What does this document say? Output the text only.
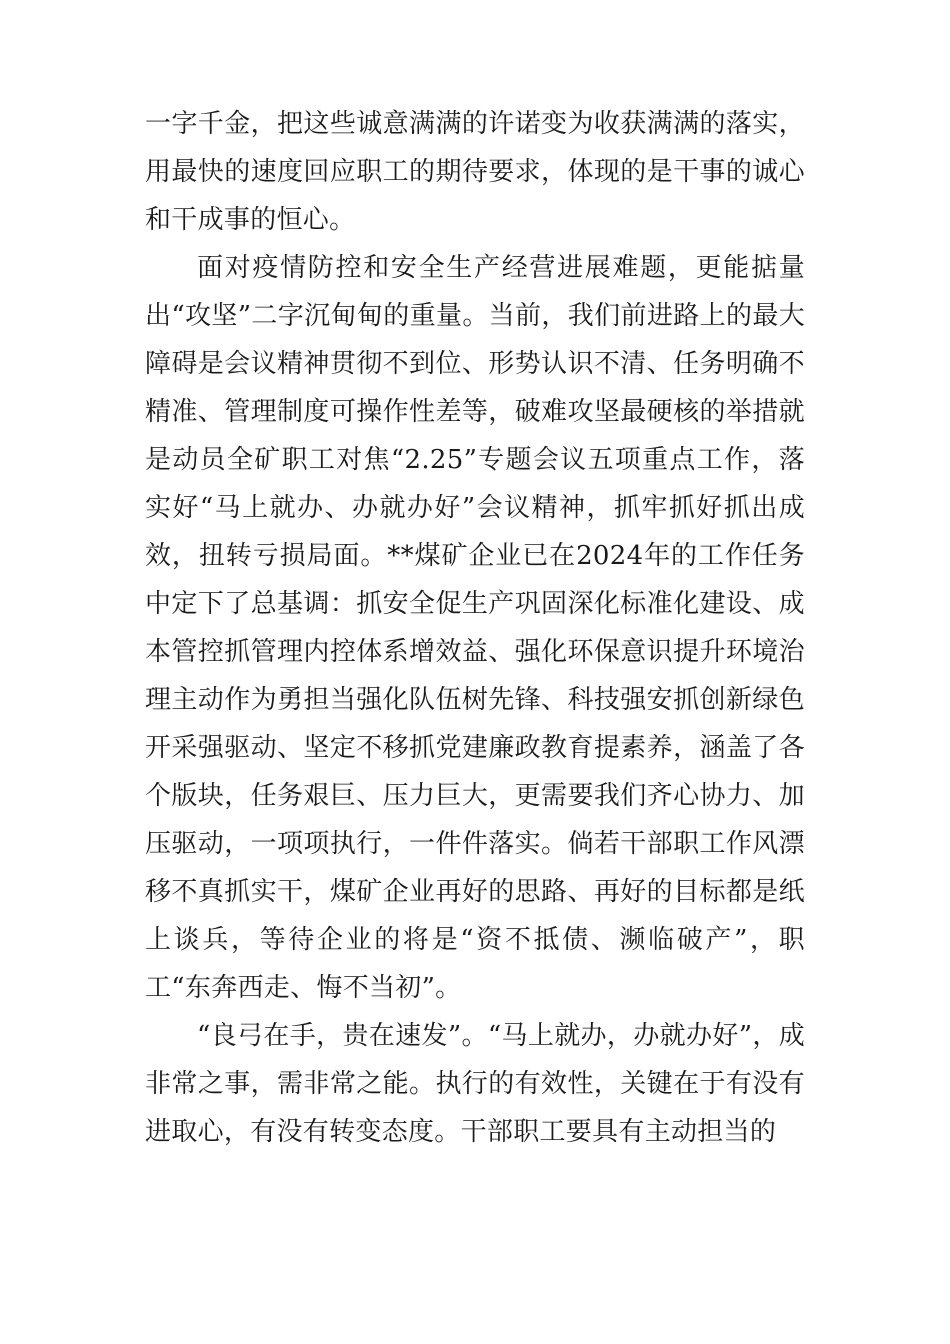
一字千金，把这些诚意满满的许诺变为收获满满的落实，用最快的速度回应职工的期待要求，体现的是干事的诚心和干成事的恒心。

面对疫情防控和安全生产经营进展难题，更能掂量出“攻坚”二字沉甸甸的重量。当前，我们前进路上的最大障碍是会议精神贯彻不到位、形势认识不清、任务明确不精准、管理制度可操作性差等，破难攻坚最硬核的举措就是动员全矿职工对焦“2.25”专题会议五项重点工作，落实好“马上就办、办就办好”会议精神，抓牢抓好抓出成效，扭转亏损局面。**煤矿企业已在2024年的工作任务中定下了总基调：抓安全促生产巩固深化标准化建设、成本管控抓管理内控体系增效益、强化环保意识提升环境治理主动作为勇担当强化队伍树先锋、科技强安抓创新绿色开采强驱动、坚定不移抓党建廉政教育提素养，涵盖了各个版块，任务艰巨、压力巨大，更需要我们齐心协力、加压驱动，一项项执行，一件件落实。倘若干部职工作风漂移不真抓实干，煤矿企业再好的思路、再好的目标都是纸上谈兵，等待企业的将是“资不抵债、濒临破产”，职工“东奔西走、悔不当初”。

“良弓在手，贵在速发”。“马上就办，办就办好”，成非常之事，需非常之能。执行的有效性，关键在于有没有进取心，有没有转变态度。干部职工要具有主动担当的
